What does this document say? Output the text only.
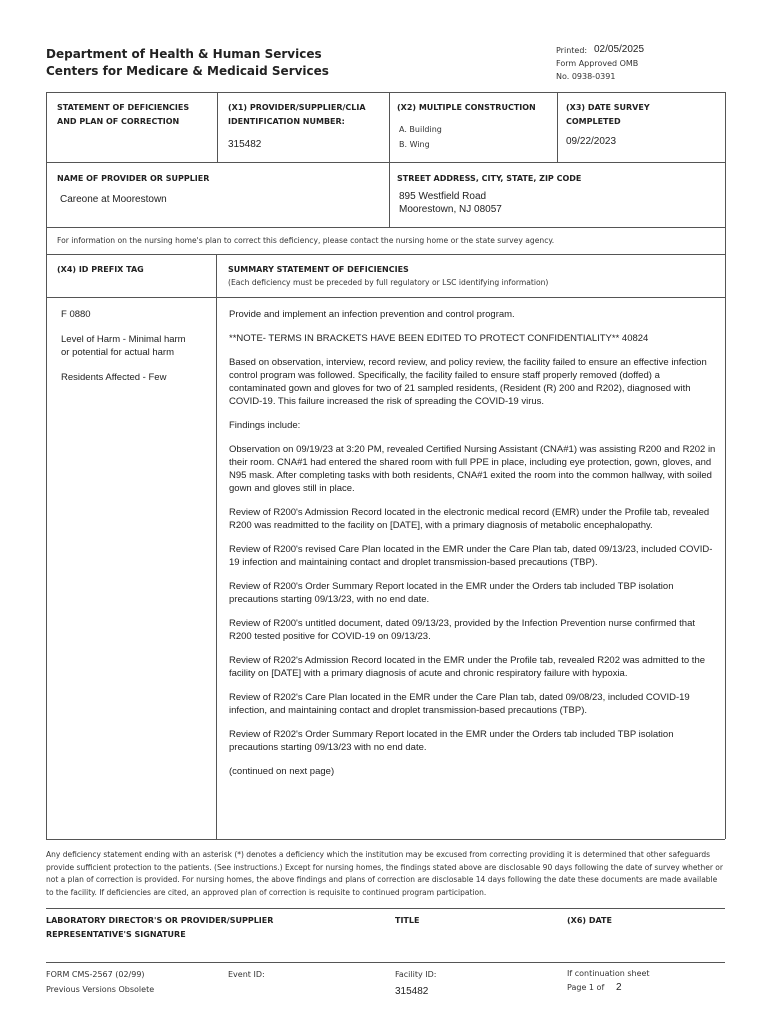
Department of Health & Human Services
Centers for Medicare & Medicaid Services
Printed: 02/05/2025
Form Approved OMB
No. 0938-0391
STATEMENT OF DEFICIENCIES
AND PLAN OF CORRECTION
(X1) PROVIDER/SUPPLIER/CLIA
IDENTIFICATION NUMBER:
315482
(X2) MULTIPLE CONSTRUCTION
A. Building
B. Wing
(X3) DATE SURVEY
COMPLETED
09/22/2023
NAME OF PROVIDER OR SUPPLIER
Careone at Moorestown
STREET ADDRESS, CITY, STATE, ZIP CODE
895 Westfield Road
Moorestown, NJ 08057
For information on the nursing home's plan to correct this deficiency, please contact the nursing home or the state survey agency.
(X4) ID PREFIX TAG	SUMMARY STATEMENT OF DEFICIENCIES
(Each deficiency must be preceded by full regulatory or LSC identifying information)
F 0880
Level of Harm - Minimal harm
or potential for actual harm
Residents Affected - Few

Provide and implement an infection prevention and control program.

**NOTE- TERMS IN BRACKETS HAVE BEEN EDITED TO PROTECT CONFIDENTIALITY** 40824

Based on observation, interview, record review, and policy review, the facility failed to ensure an effective infection control program was followed. Specifically, the facility failed to ensure staff properly removed (doffed) a contaminated gown and gloves for two of 21 sampled residents, (Resident (R) 200 and R202), diagnosed with COVID-19. This failure increased the risk of spreading the COVID-19 virus.

Findings include:

Observation on 09/19/23 at 3:20 PM, revealed Certified Nursing Assistant (CNA#1) was assisting R200 and R202 in their room. CNA#1 had entered the shared room with full PPE in place, including eye protection, gown, gloves, and N95 mask. After completing tasks with both residents, CNA#1 exited the room into the common hallway, with soiled gown and gloves still in place.

Review of R200's Admission Record located in the electronic medical record (EMR) under the Profile tab, revealed R200 was readmitted to the facility on [DATE], with a primary diagnosis of metabolic encephalopathy.

Review of R200's revised Care Plan located in the EMR under the Care Plan tab, dated 09/13/23, included COVID-19 infection and maintaining contact and droplet transmission-based precautions (TBP).

Review of R200's Order Summary Report located in the EMR under the Orders tab included TBP isolation precautions starting 09/13/23, with no end date.

Review of R200's untitled document, dated 09/13/23, provided by the Infection Prevention nurse confirmed that R200 tested positive for COVID-19 on 09/13/23.

Review of R202's Admission Record located in the EMR under the Profile tab, revealed R202 was admitted to the facility on [DATE] with a primary diagnosis of acute and chronic respiratory failure with hypoxia.

Review of R202's Care Plan located in the EMR under the Care Plan tab, dated 09/08/23, included COVID-19 infection, and maintaining contact and droplet transmission-based precautions (TBP).

Review of R202's Order Summary Report located in the EMR under the Orders tab included TBP isolation precautions starting 09/13/23 with no end date.

(continued on next page)

Any deficiency statement ending with an asterisk (*) denotes a deficiency which the institution may be excused from correcting providing it is determined that other safeguards provide sufficient protection to the patients. (See instructions.) Except for nursing homes, the findings stated above are disclosable 90 days following the date of survey whether or not a plan of correction is provided. For nursing homes, the above findings and plans of correction are disclosable 14 days following the date these documents are made available to the facility. If deficiencies are cited, an approved plan of correction is requisite to continued program participation.
LABORATORY DIRECTOR'S OR PROVIDER/SUPPLIER
REPRESENTATIVE'S SIGNATURE
TITLE	(X6) DATE
FORM CMS-2567 (02/99)
Previous Versions Obsolete
Event ID:	Facility ID:
315482
If continuation sheet
Page 1 of 2
